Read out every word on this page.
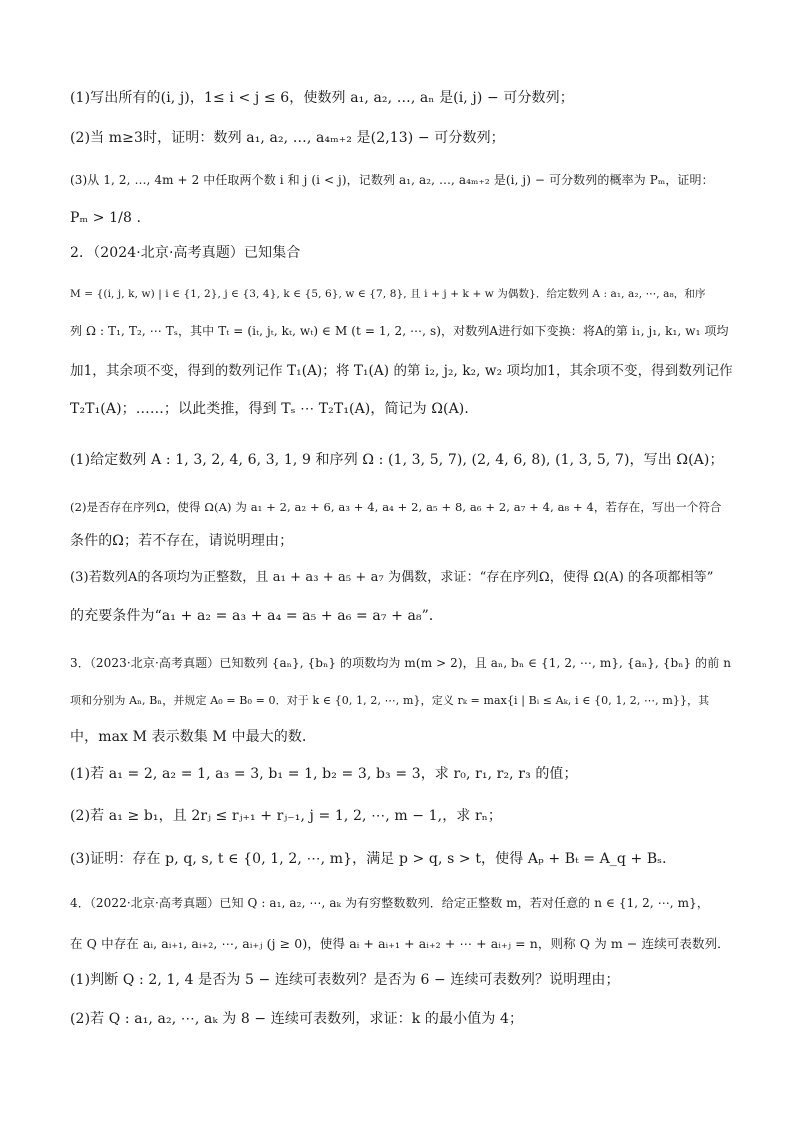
(1)写出所有的(i, j)，1≤ i < j ≤ 6，使数列 a₁, a₂, …, aₙ 是(i, j) − 可分数列；
(2)当 m≥3时，证明：数列 a₁, a₂, …, a₄ₘ₊₂ 是(2,13) − 可分数列；
(3)从 1, 2, …, 4m + 2 中任取两个数 i 和 j (i < j)，记数列 a₁, a₂, …, a₄ₘ₊₂ 是(i, j) − 可分数列的概率为 Pₘ，证明：
Pₘ > 1/8 .
2．（2024·北京·高考真题）已知集合
M = {(i, j, k, w) | i ∈ {1, 2}, j ∈ {3, 4}, k ∈ {5, 6}, w ∈ {7, 8}, 且 i + j + k + w 为偶数}．给定数列 A : a₁, a₂, ⋯, a₈，和序
列 Ω : T₁, T₂, ⋯ Tₛ，其中 Tₜ = (iₜ, jₜ, kₜ, wₜ) ∈ M (t = 1, 2, ⋯, s)，对数列A进行如下变换：将A的第 i₁, j₁, k₁, w₁ 项均
加1，其余项不变，得到的数列记作 T₁(A)；将 T₁(A) 的第 i₂, j₂, k₂, w₂ 项均加1，其余项不变，得到数列记作
T₂T₁(A)；……；以此类推，得到 Tₛ ⋯ T₂T₁(A)，简记为 Ω(A)．
(1)给定数列 A : 1, 3, 2, 4, 6, 3, 1, 9 和序列 Ω : (1, 3, 5, 7), (2, 4, 6, 8), (1, 3, 5, 7)，写出 Ω(A)；
(2)是否存在序列Ω，使得 Ω(A) 为 a₁ + 2, a₂ + 6, a₃ + 4, a₄ + 2, a₅ + 8, a₆ + 2, a₇ + 4, a₈ + 4，若存在，写出一个符合
条件的Ω；若不存在，请说明理由；
(3)若数列A的各项均为正整数，且 a₁ + a₃ + a₅ + a₇ 为偶数，求证：“存在序列Ω，使得 Ω(A) 的各项都相等”
的充要条件为“a₁ + a₂ = a₃ + a₄ = a₅ + a₆ = a₇ + a₈”．
3．（2023·北京·高考真题）已知数列 {aₙ}, {bₙ} 的项数均为 m(m > 2)，且 aₙ, bₙ ∈ {1, 2, ⋯, m}, {aₙ}, {bₙ} 的前 n
项和分别为 Aₙ, Bₙ，并规定 A₀ = B₀ = 0．对于 k ∈ {0, 1, 2, ⋯, m}，定义 rₖ = max{i | Bᵢ ≤ Aₖ, i ∈ {0, 1, 2, ⋯, m}}，其
中，max M 表示数集 M 中最大的数．
(1)若 a₁ = 2, a₂ = 1, a₃ = 3, b₁ = 1, b₂ = 3, b₃ = 3，求 r₀, r₁, r₂, r₃ 的值；
(2)若 a₁ ≥ b₁，且 2rⱼ ≤ rⱼ₊₁ + rⱼ₋₁, j = 1, 2, ⋯, m − 1,，求 rₙ；
(3)证明：存在 p, q, s, t ∈ {0, 1, 2, ⋯, m}，满足 p > q, s > t，使得 Aₚ + Bₜ = A_q + Bₛ．
4．（2022·北京·高考真题）已知 Q : a₁, a₂, ⋯, aₖ 为有穷整数数列．给定正整数 m，若对任意的 n ∈ {1, 2, ⋯, m}，
在 Q 中存在 aᵢ, aᵢ₊₁, aᵢ₊₂, ⋯, aᵢ₊ⱼ (j ≥ 0)，使得 aᵢ + aᵢ₊₁ + aᵢ₊₂ + ⋯ + aᵢ₊ⱼ = n，则称 Q 为 m − 连续可表数列．
(1)判断 Q : 2, 1, 4 是否为 5 − 连续可表数列？是否为 6 − 连续可表数列？说明理由；
(2)若 Q : a₁, a₂, ⋯, aₖ 为 8 − 连续可表数列，求证：k 的最小值为 4；
